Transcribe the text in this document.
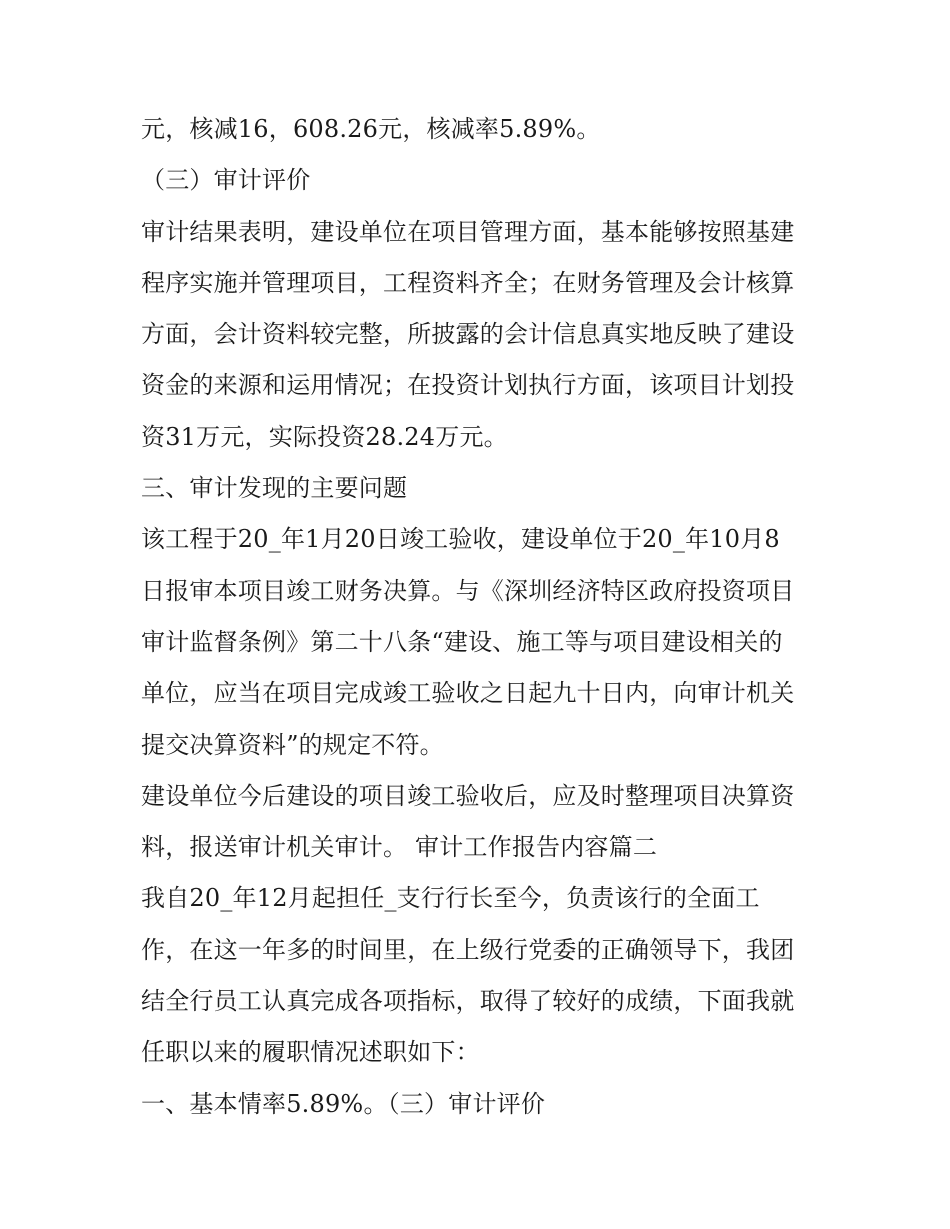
元，核减16，608.26元，核减率5.89%。
（三）审计评价
审计结果表明，建设单位在项目管理方面，基本能够按照基建
程序实施并管理项目，工程资料齐全；在财务管理及会计核算
方面，会计资料较完整，所披露的会计信息真实地反映了建设
资金的来源和运用情况；在投资计划执行方面，该项目计划投
资31万元，实际投资28.24万元。
三、审计发现的主要问题
该工程于20_年1月20日竣工验收，建设单位于20_年10月8
日报审本项目竣工财务决算。与《深圳经济特区政府投资项目
审计监督条例》第二十八条“建设、施工等与项目建设相关的
单位，应当在项目完成竣工验收之日起九十日内，向审计机关
提交决算资料”的规定不符。
建设单位今后建设的项目竣工验收后，应及时整理项目决算资
料，报送审计机关审计。 审计工作报告内容篇二
我自20_年12月起担任_支行行长至今，负责该行的全面工
作，在这一年多的时间里，在上级行党委的正确领导下，我团
结全行员工认真完成各项指标，取得了较好的成绩，下面我就
任职以来的履职情况述职如下：
一、基本情率5.89%。（三）审计评价
